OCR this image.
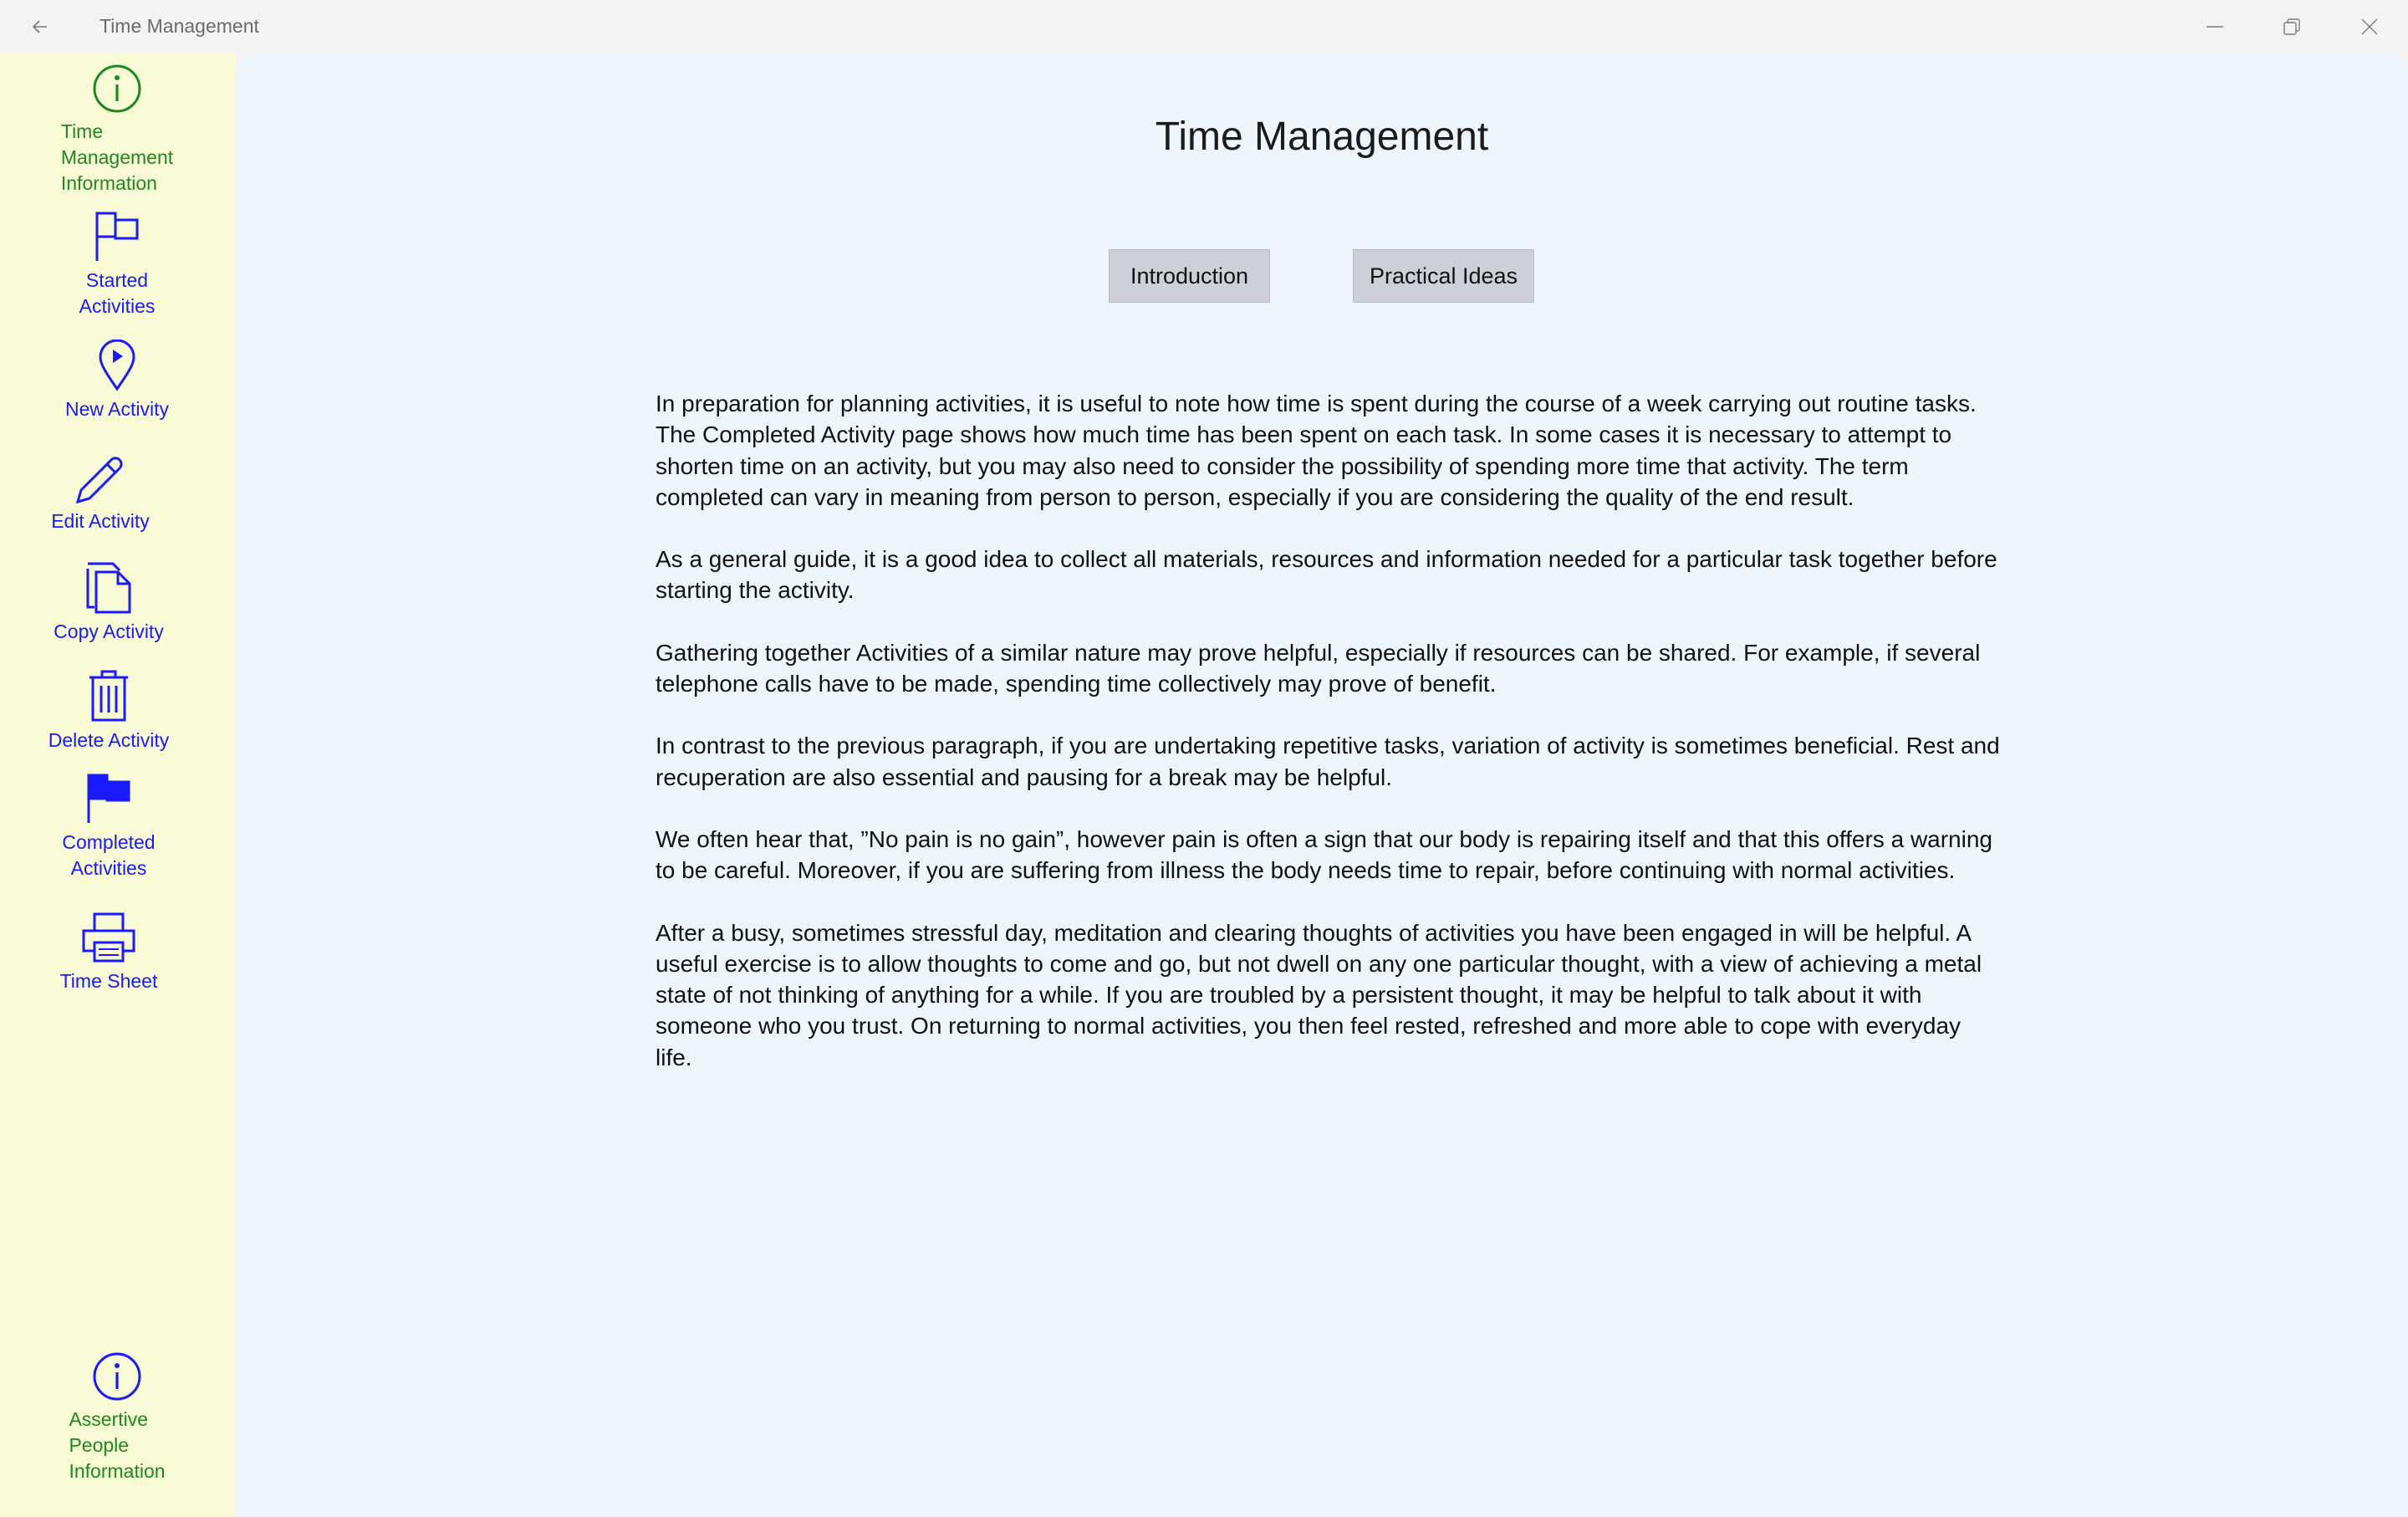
Time Management
Time
Management
Information
Started
Activities
New Activity
Edit Activity
Copy Activity
Delete Activity
Completed
Activities
Time Sheet
Assertive
People
Information
Time Management
Introduction	Practical Ideas

In preparation for planning activities, it is useful to note how time is spent during the course of a week carrying out routine tasks. The Completed Activity page shows how much time has been spent on each task. In some cases it is necessary to attempt to shorten time on an activity, but you may also need to consider the possibility of spending more time that activity. The term completed can vary in meaning from person to person, especially if you are considering the quality of the end result.

As a general guide, it is a good idea to collect all materials, resources and information needed for a particular task together before starting the activity.

Gathering together Activities of a similar nature may prove helpful, especially if resources can be shared. For example, if several telephone calls have to be made, spending time collectively may prove of benefit.

In contrast to the previous paragraph, if you are undertaking repetitive tasks, variation of activity is sometimes beneficial. Rest and recuperation are also essential and pausing for a break may be helpful.

We often hear that, ”No pain is no gain”, however pain is often a sign that our body is repairing itself and that this offers a warning to be careful. Moreover, if you are suffering from illness the body needs time to repair, before continuing with normal activities.

After a busy, sometimes stressful day, meditation and clearing thoughts of activities you have been engaged in will be helpful. A useful exercise is to allow thoughts to come and go, but not dwell on any one particular thought, with a view of achieving a metal state of not thinking of anything for a while. If you are troubled by a persistent thought, it may be helpful to talk about it with someone who you trust. On returning to normal activities, you then feel rested, refreshed and more able to cope with everyday life.
